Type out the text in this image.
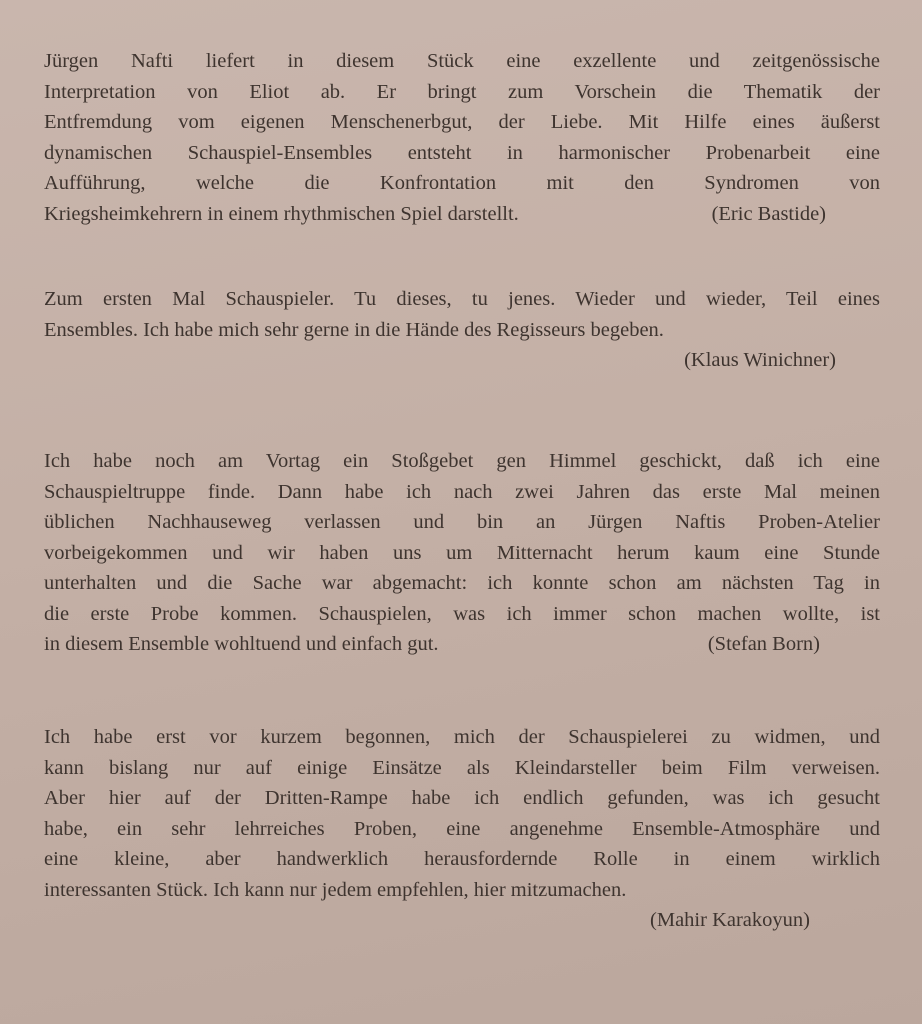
Jürgen Nafti liefert in diesem Stück eine exzellente und zeitgenössische
Interpretation von Eliot ab. Er bringt zum Vorschein die Thematik der
Entfremdung vom eigenen Menschenerbgut, der Liebe. Mit Hilfe eines äußerst
dynamischen Schauspiel-Ensembles entsteht in harmonischer Probenarbeit eine
Aufführung, welche die Konfrontation mit den Syndromen von
Kriegsheimkehrern in einem rhythmischen Spiel darstellt.	(Eric Bastide)
Zum ersten Mal Schauspieler. Tu dieses, tu jenes. Wieder und wieder, Teil eines
Ensembles. Ich habe mich sehr gerne in die Hände des Regisseurs begeben.
(Klaus Winichner)
Ich habe noch am Vortag ein Stoßgebet gen Himmel geschickt, daß ich eine
Schauspieltruppe finde. Dann habe ich nach zwei Jahren das erste Mal meinen
üblichen Nachhauseweg verlassen und bin an Jürgen Naftis Proben-Atelier
vorbeigekommen und wir haben uns um Mitternacht herum kaum eine Stunde
unterhalten und die Sache war abgemacht: ich konnte schon am nächsten Tag in
die erste Probe kommen. Schauspielen, was ich immer schon machen wollte, ist
in diesem Ensemble wohltuend und einfach gut.	(Stefan Born)
Ich habe erst vor kurzem begonnen, mich der Schauspielerei zu widmen, und
kann bislang nur auf einige Einsätze als Kleindarsteller beim Film verweisen.
Aber hier auf der Dritten-Rampe habe ich endlich gefunden, was ich gesucht
habe, ein sehr lehrreiches Proben, eine angenehme Ensemble-Atmosphäre und
eine kleine, aber handwerklich herausfordernde Rolle in einem wirklich
interessanten Stück. Ich kann nur jedem empfehlen, hier mitzumachen.
(Mahir Karakoyun)
